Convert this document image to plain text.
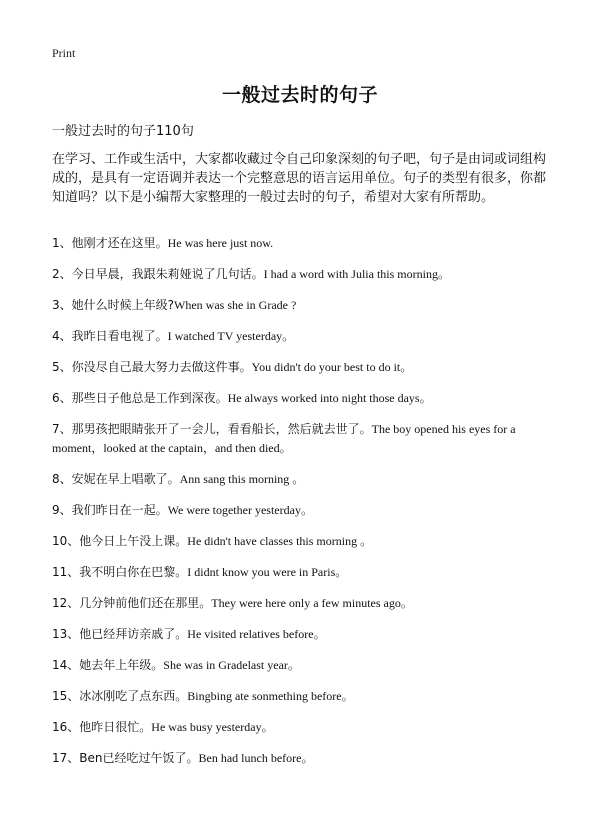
Print
一般过去时的句子
一般过去时的句子110句
在学习、工作或生活中，大家都收藏过令自己印象深刻的句子吧，句子是由词或词组构成的，是具有一定语调并表达一个完整意思的语言运用单位。句子的类型有很多，你都知道吗？以下是小编帮大家整理的一般过去时的句子，希望对大家有所帮助。
1、他刚才还在这里。He was here just now.
2、今日早晨，我跟朱莉娅说了几句话。I had a word with Julia this morning。
3、她什么时候上年级?When was she in Grade ?
4、我昨日看电视了。I watched TV yesterday。
5、你没尽自己最大努力去做这件事。You didn't do your best to do it。
6、那些日子他总是工作到深夜。He always worked into night those days。
7、那男孩把眼睛张开了一会儿，看看船长，然后就去世了。The boy opened his eyes for a moment，looked at the captain，and then died。
8、安妮在早上唱歌了。Ann sang this morning 。
9、我们昨日在一起。We were together yesterday。
10、他今日上午没上课。He didn't have classes this morning 。
11、我不明白你在巴黎。I didnt know you were in Paris。
12、几分钟前他们还在那里。They were here only a few minutes ago。
13、他已经拜访亲戚了。He visited relatives before。
14、她去年上年级。She was in Gradelast year。
15、冰冰刚吃了点东西。Bingbing ate sonmething before。
16、他昨日很忙。He was busy yesterday。
17、Ben已经吃过午饭了。Ben had lunch before。
